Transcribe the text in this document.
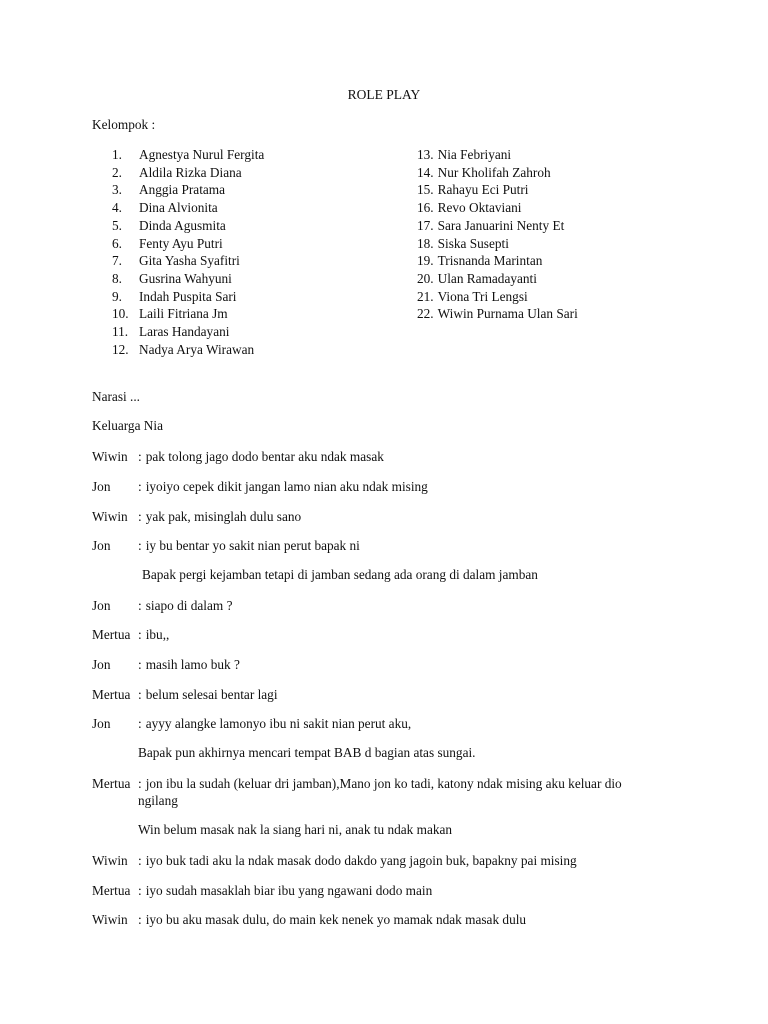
ROLE PLAY
Kelompok :
1. Agnestya Nurul Fergita
2. Aldila Rizka Diana
3. Anggia Pratama
4. Dina Alvionita
5. Dinda Agusmita
6. Fenty Ayu Putri
7. Gita Yasha Syafitri
8. Gusrina Wahyuni
9. Indah Puspita Sari
10. Laili Fitriana Jm
11. Laras Handayani
12. Nadya Arya Wirawan
13. Nia Febriyani
14. Nur Kholifah Zahroh
15. Rahayu Eci Putri
16. Revo Oktaviani
17. Sara Januarini Nenty Et
18. Siska Susepti
19. Trisnanda Marintan
20. Ulan Ramadayanti
21. Viona Tri Lengsi
22. Wiwin Purnama Ulan Sari
Narasi ...
Keluarga Nia
Wiwin : pak tolong jago dodo bentar aku ndak masak
Jon : iyoiyo cepek dikit jangan lamo nian aku ndak mising
Wiwin : yak pak, misinglah dulu sano
Jon : iy bu bentar yo sakit nian perut bapak ni
Bapak pergi kejamban tetapi di jamban sedang ada orang di dalam jamban
Jon : siapo di dalam ?
Mertua : ibu,,
Jon : masih lamo buk ?
Mertua : belum selesai bentar lagi
Jon : ayyy alangke lamonyo ibu ni sakit nian perut aku,
Bapak pun akhirnya mencari tempat BAB d bagian atas sungai.
Mertua : jon ibu la sudah (keluar dri jamban),Mano jon ko tadi, katony ndak mising aku keluar dio ngilang
Win belum masak nak la siang hari ni, anak tu ndak makan
Wiwin : iyo buk tadi aku la ndak masak dodo dakdo yang jagoin buk, bapakny pai mising
Mertua : iyo sudah masaklah biar ibu yang ngawani dodo main
Wiwin : iyo bu aku masak dulu, do main kek nenek yo mamak ndak masak dulu
